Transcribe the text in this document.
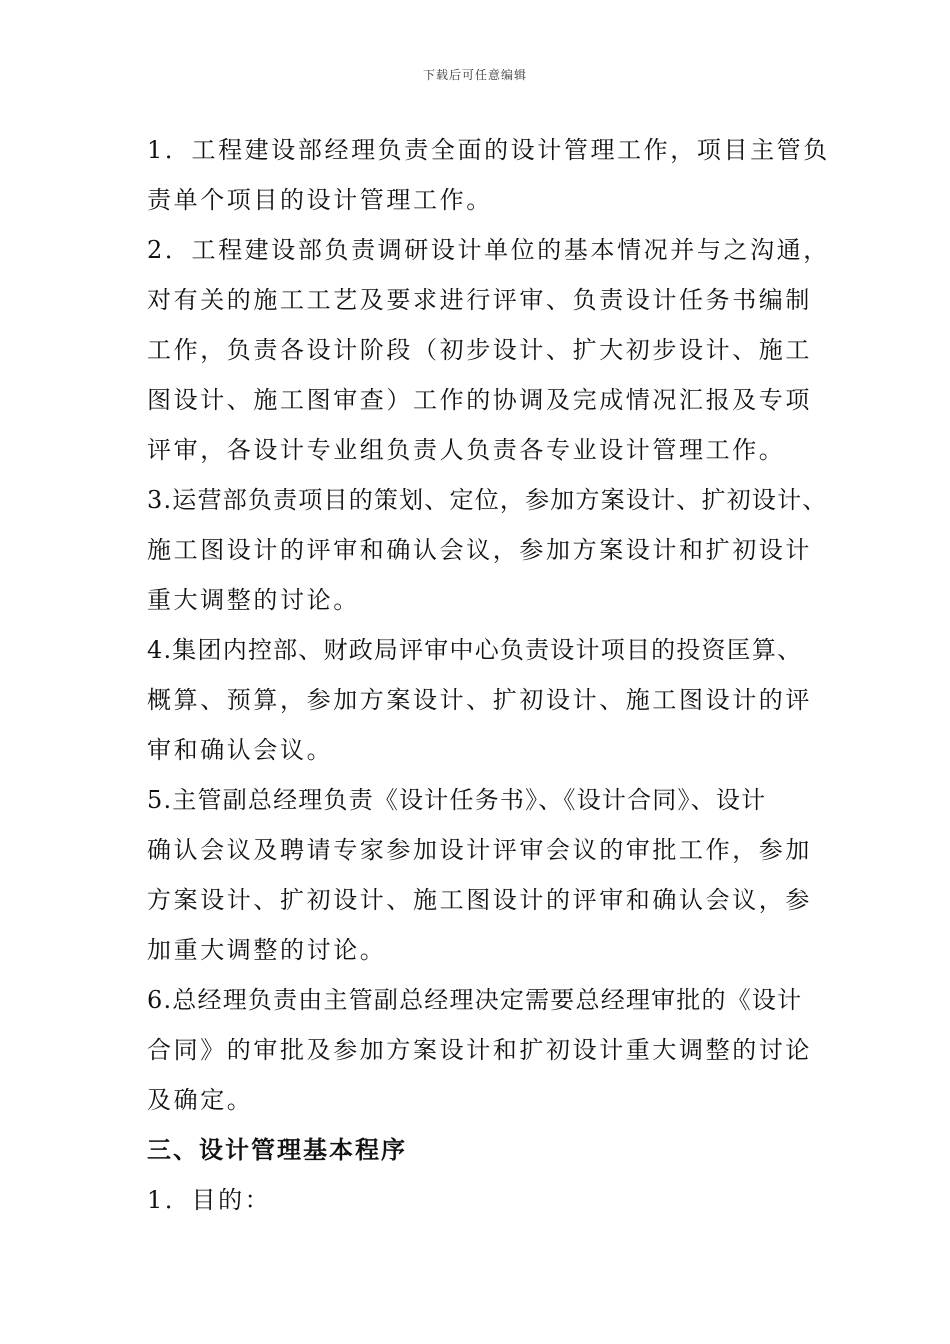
下载后可任意编辑
1．工程建设部经理负责全面的设计管理工作，项目主管负
责单个项目的设计管理工作。
2．工程建设部负责调研设计单位的基本情况并与之沟通，
对有关的施工工艺及要求进行评审、负责设计任务书编制
工作，负责各设计阶段（初步设计、扩大初步设计、施工
图设计、施工图审查）工作的协调及完成情况汇报及专项
评审，各设计专业组负责人负责各专业设计管理工作。
3.运营部负责项目的策划、定位，参加方案设计、扩初设计、
施工图设计的评审和确认会议，参加方案设计和扩初设计
重大调整的讨论。
4.集团内控部、财政局评审中心负责设计项目的投资匡算、
概算、预算，参加方案设计、扩初设计、施工图设计的评
审和确认会议。
5.主管副总经理负责《设计任务书》、《设计合同》、设计
确认会议及聘请专家参加设计评审会议的审批工作，参加
方案设计、扩初设计、施工图设计的评审和确认会议，参
加重大调整的讨论。
6.总经理负责由主管副总经理决定需要总经理审批的《设计
合同》的审批及参加方案设计和扩初设计重大调整的讨论
及确定。
三、设计管理基本程序
1．目的：
